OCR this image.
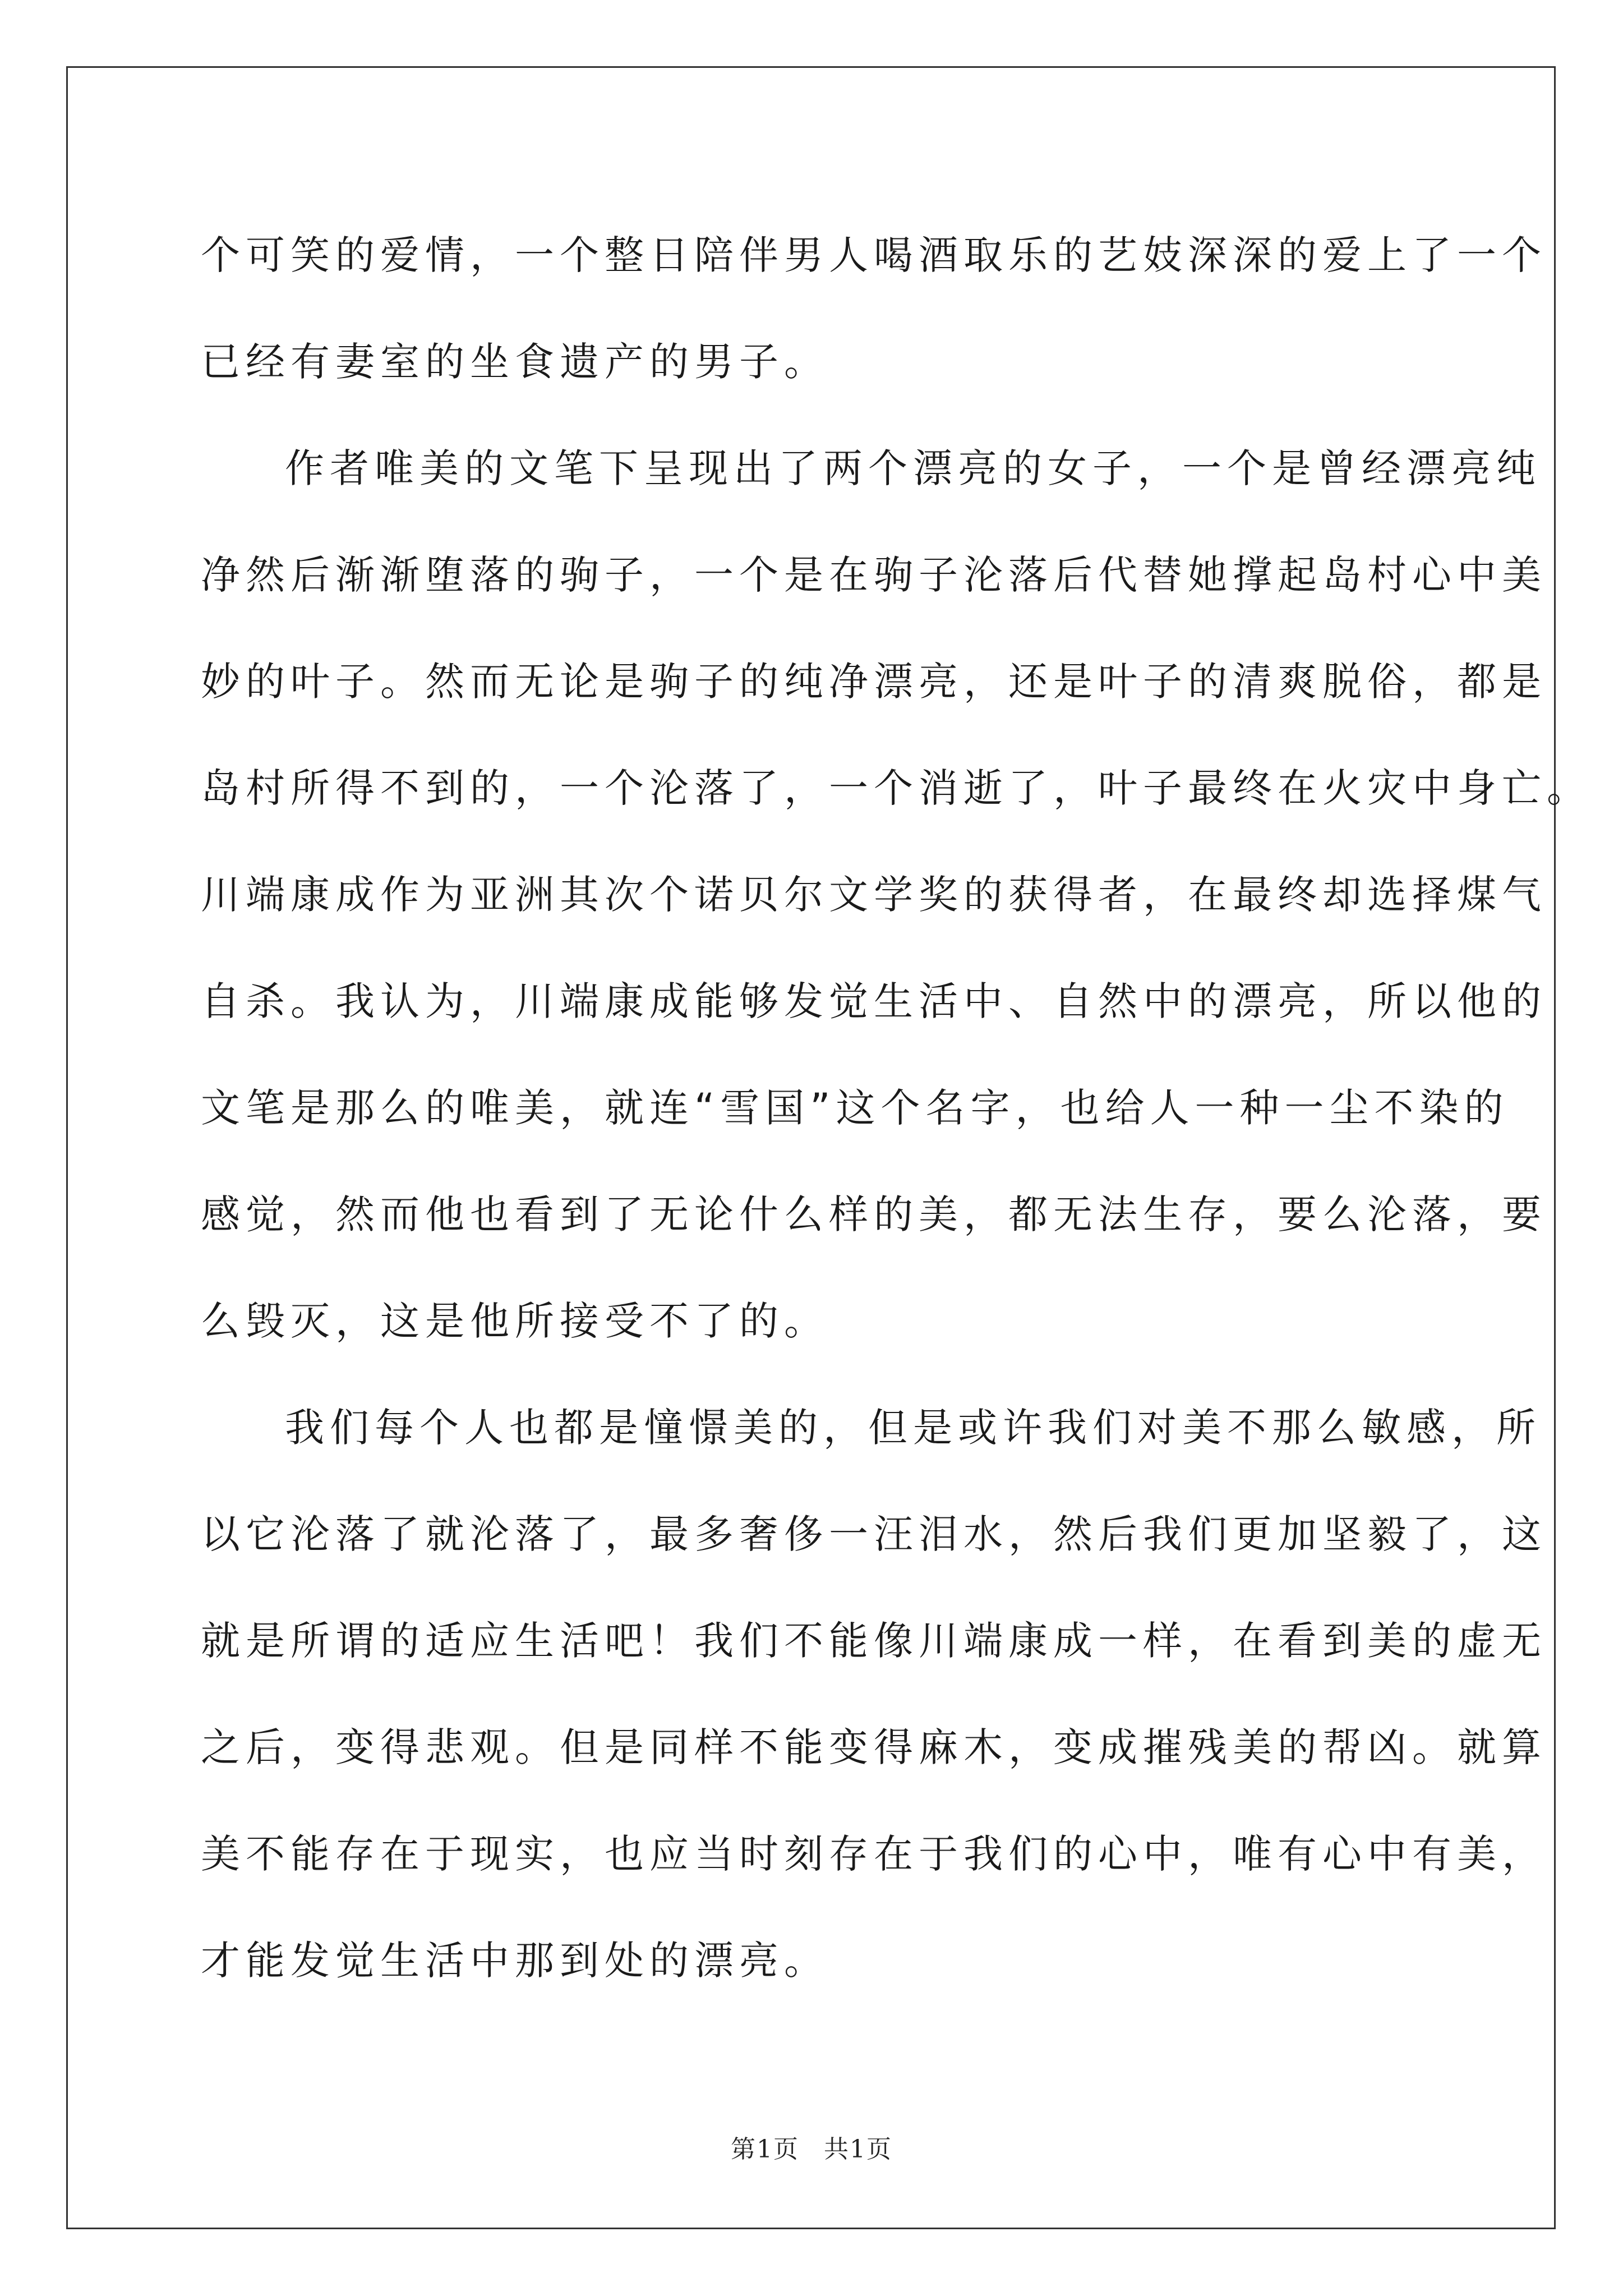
个可笑的爱情，一个整日陪伴男人喝酒取乐的艺妓深深的爱上了一个
已经有妻室的坐食遗产的男子。

作者唯美的文笔下呈现出了两个漂亮的女子，一个是曾经漂亮纯
净然后渐渐堕落的驹子，一个是在驹子沦落后代替她撑起岛村心中美
妙的叶子。然而无论是驹子的纯净漂亮，还是叶子的清爽脱俗，都是
岛村所得不到的，一个沦落了，一个消逝了，叶子最终在火灾中身亡。
川端康成作为亚洲其次个诺贝尔文学奖的获得者，在最终却选择煤气
自杀。我认为，川端康成能够发觉生活中、自然中的漂亮，所以他的
文笔是那么的唯美，就连“雪国”这个名字，也给人一种一尘不染的
感觉，然而他也看到了无论什么样的美，都无法生存，要么沦落，要
么毁灭，这是他所接受不了的。

我们每个人也都是憧憬美的，但是或许我们对美不那么敏感，所
以它沦落了就沦落了，最多奢侈一汪泪水，然后我们更加坚毅了，这
就是所谓的适应生活吧！我们不能像川端康成一样，在看到美的虚无
之后，变得悲观。但是同样不能变得麻木，变成摧残美的帮凶。就算
美不能存在于现实，也应当时刻存在于我们的心中，唯有心中有美，
才能发觉生活中那到处的漂亮。

第1页 共1页
